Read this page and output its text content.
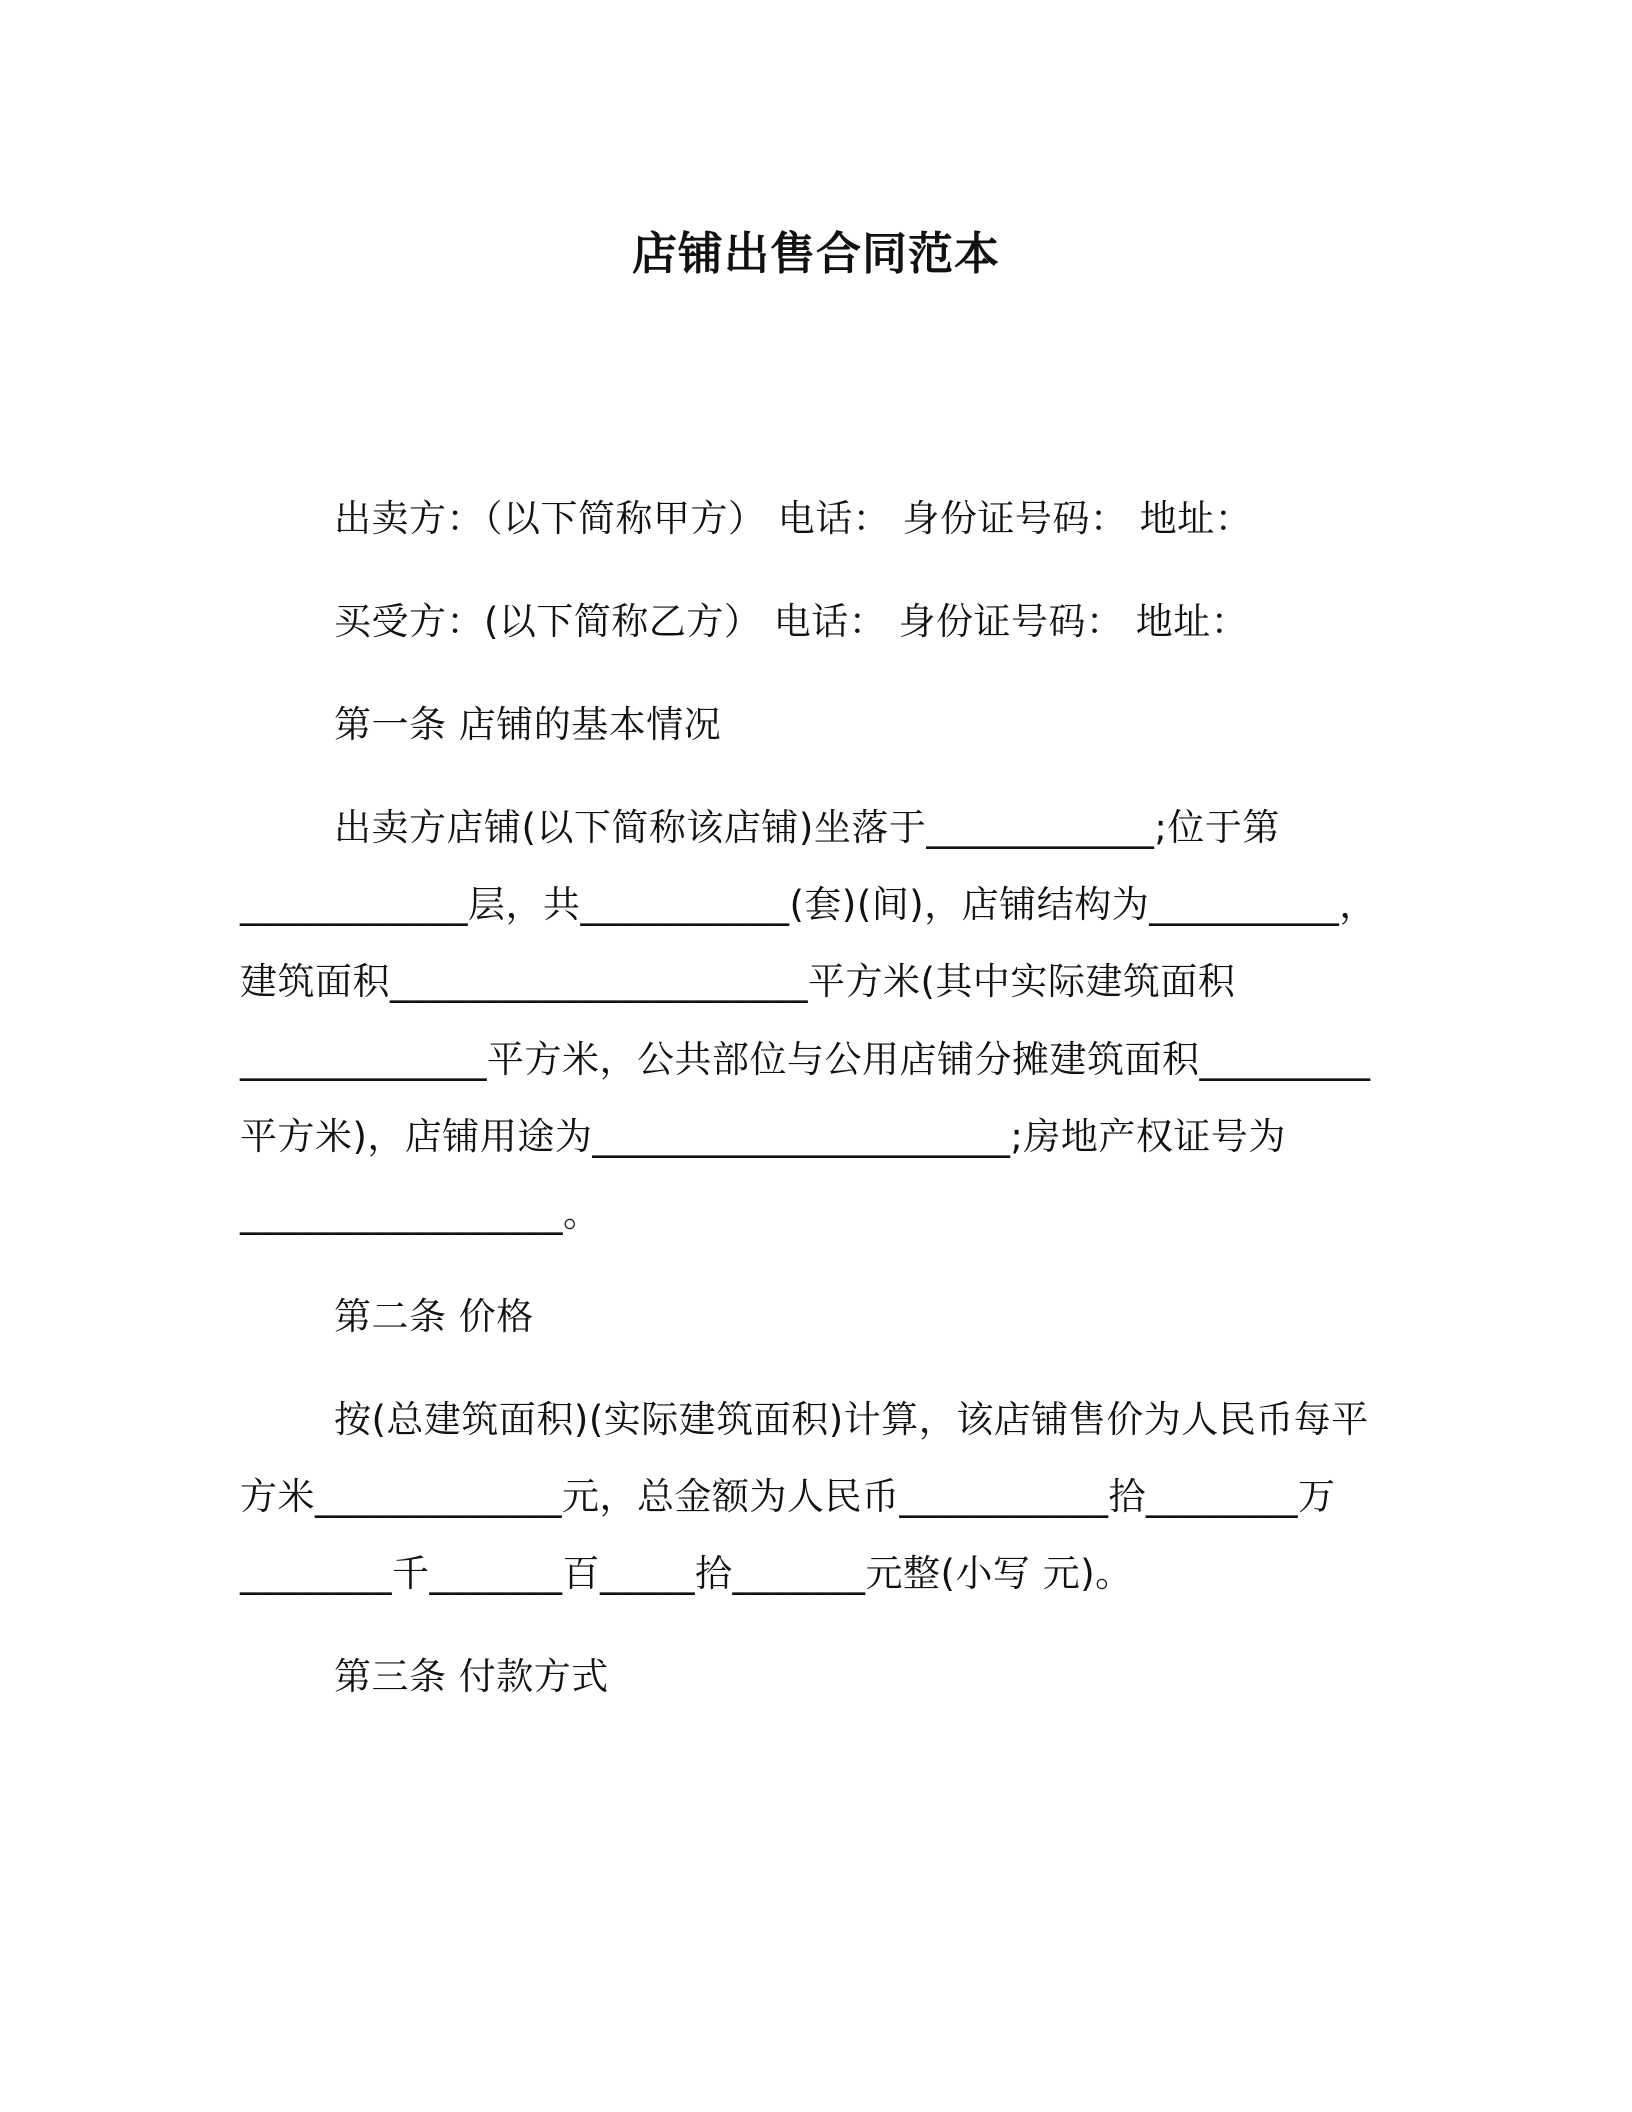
店铺出售合同范本
出卖方：（以下简称甲方） 电话： 身份证号码： 地址：
买受方：(以下简称乙方） 电话： 身份证号码： 地址：
第一条 店铺的基本情况
出卖方店铺(以下简称该店铺)坐落于____________;位于第
____________层，共___________(套)(间)，店铺结构为__________，
建筑面积______________________平方米(其中实际建筑面积
_____________平方米，公共部位与公用店铺分摊建筑面积_________
平方米)，店铺用途为______________________;房地产权证号为
_________________。
第二条 价格
按(总建筑面积)(实际建筑面积)计算，该店铺售价为人民币每平
方米_____________元，总金额为人民币___________拾________万
________千_______百_____拾_______元整(小写 元)。
第三条 付款方式
